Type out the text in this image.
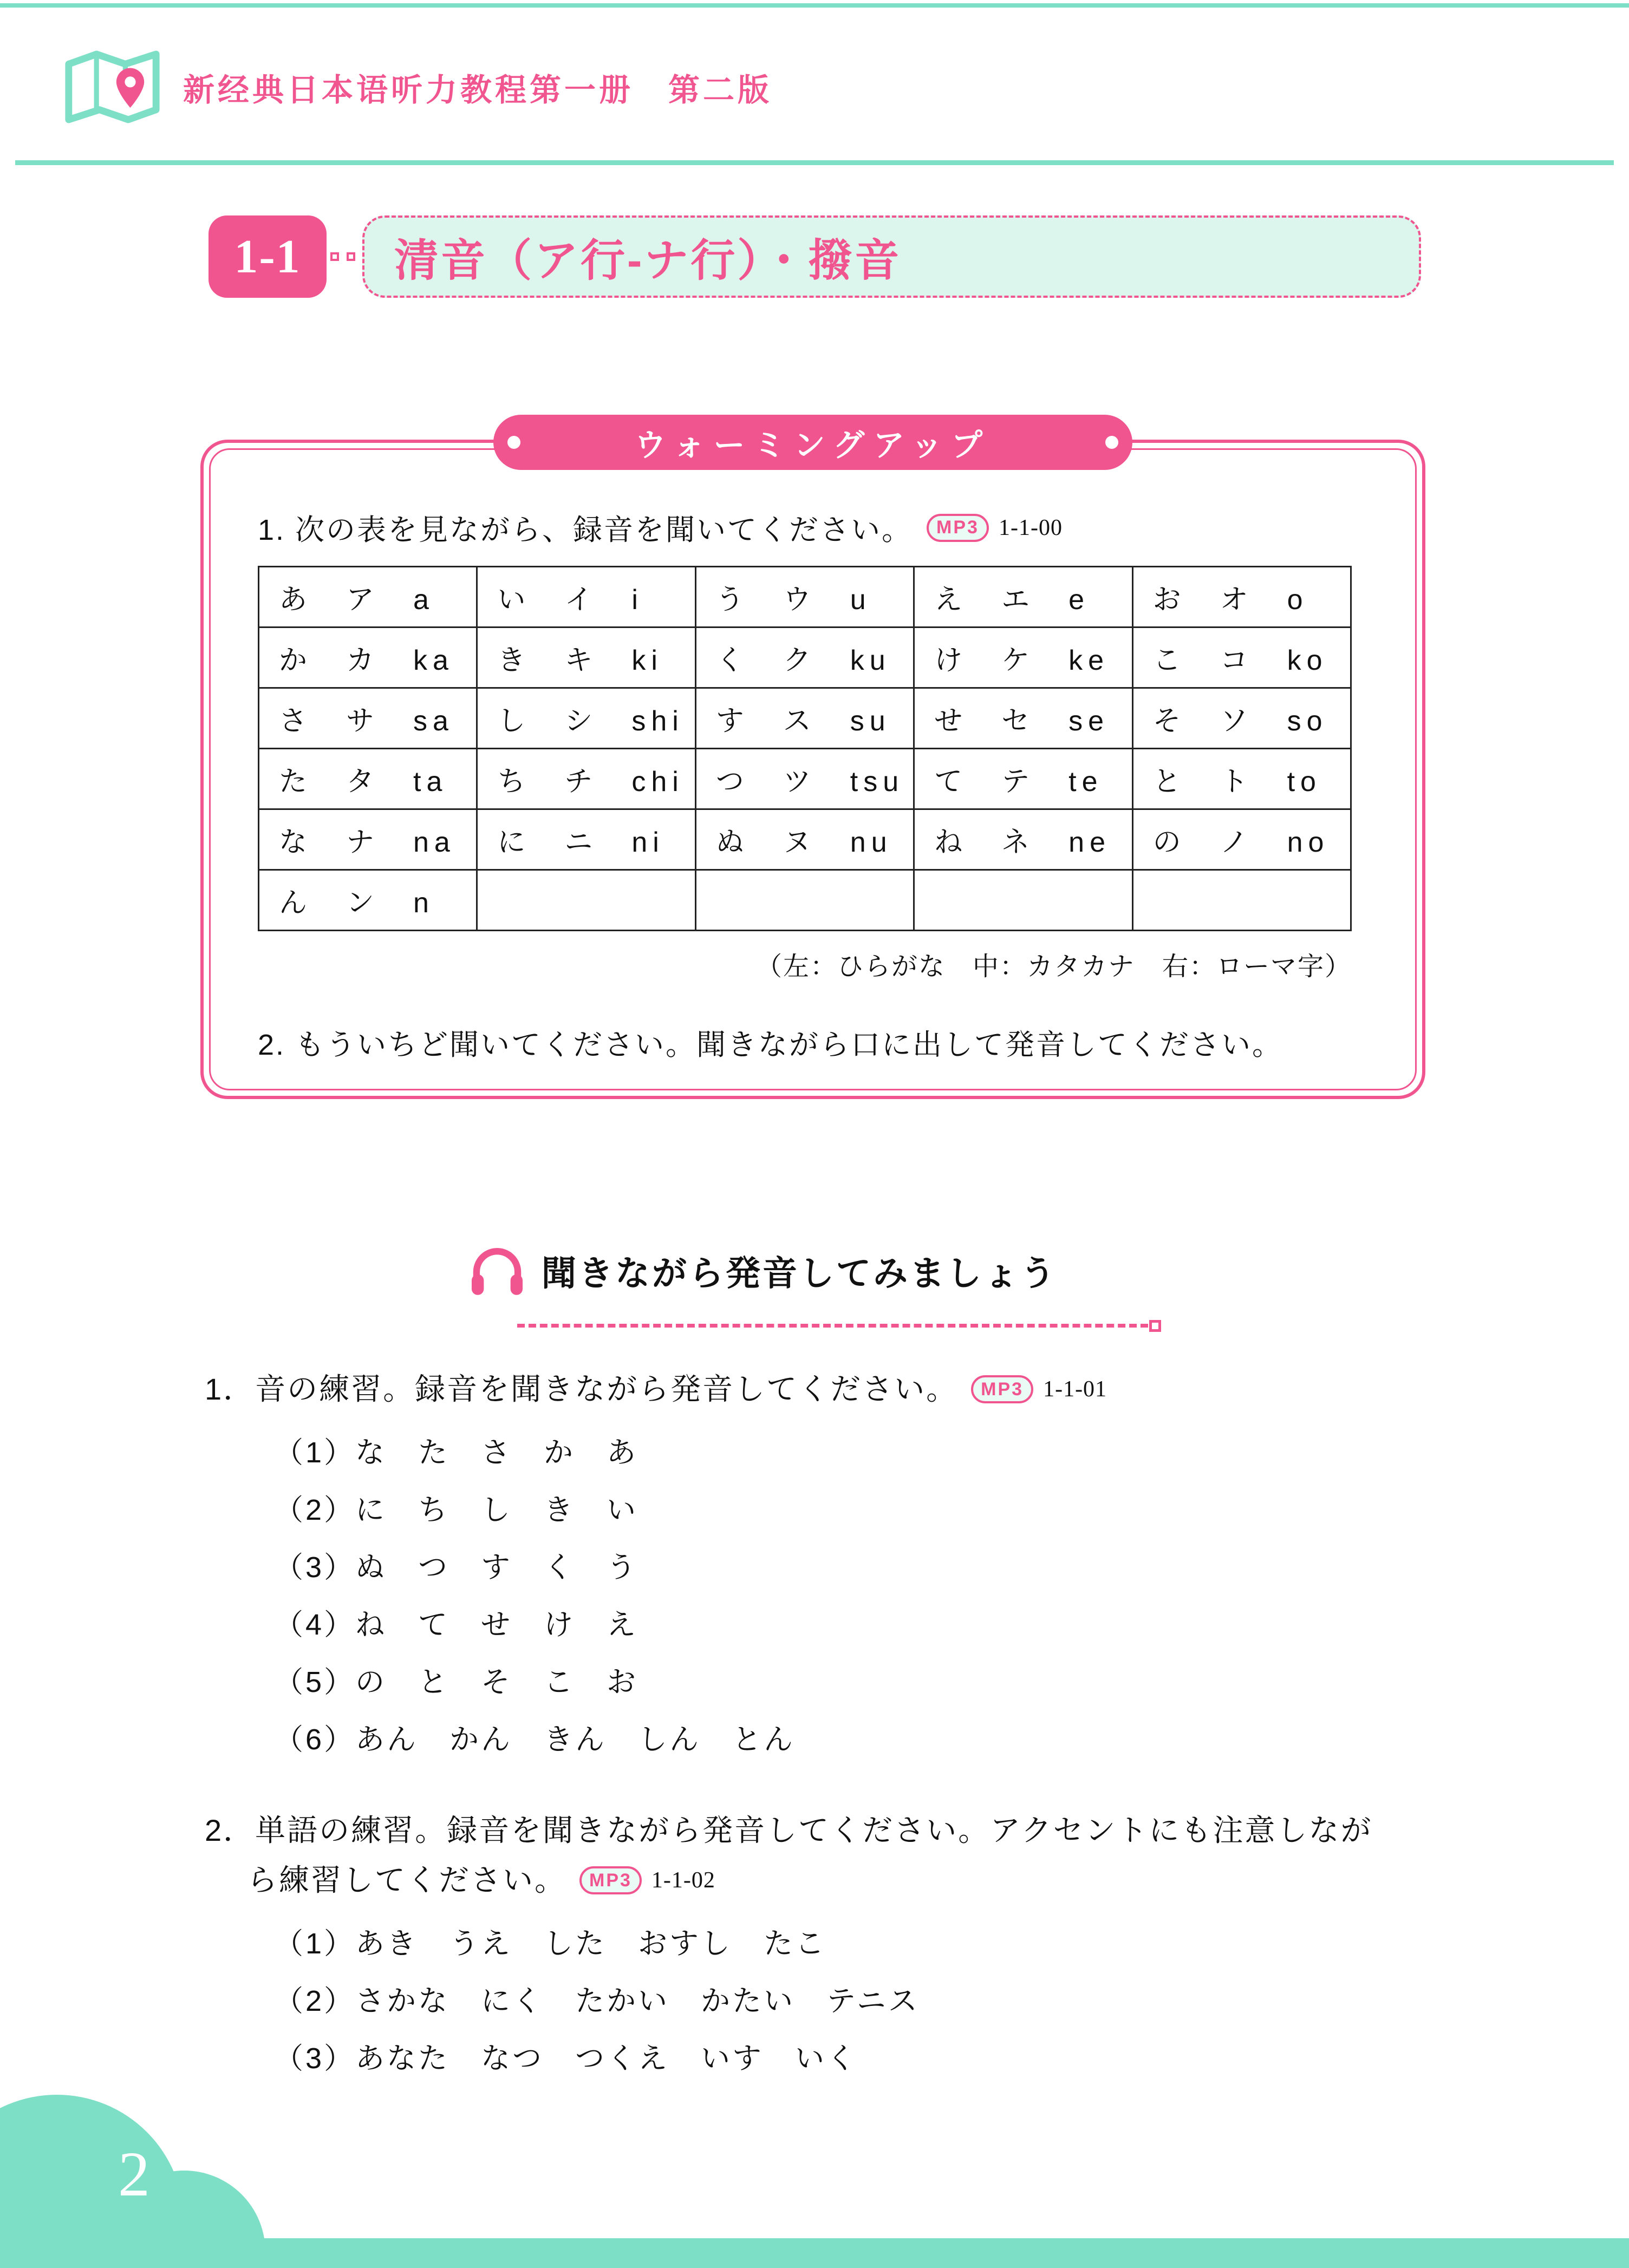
新经典日本语听力教程第一册　第二版
1-1 清音（ア行-ナ行）・撥音
ウォーミングアップ
1. 次の表を見ながら、録音を聞いてください。 MP3 1-1-00
あ　ア　a	い　イ　i	う　ウ　u	え　エ　e	お　オ　o
か　カ　ka	き　キ　ki	く　ク　ku	け　ケ　ke	こ　コ　ko
さ　サ　sa	し　シ　shi	す　ス　su	せ　セ　se	そ　ソ　so
た　タ　ta	ち　チ　chi	つ　ツ　tsu	て　テ　te	と　ト　to
な　ナ　na	に　ニ　ni	ぬ　ヌ　nu	ね　ネ　ne	の　ノ　no
ん　ン　n				
（左：ひらがな　中：カタカナ　右：ローマ字）
2. もういちど聞いてください。聞きながら口に出して発音してください。
聞きながら発音してみましょう
1．音の練習。録音を聞きながら発音してください。 MP3 1-1-01
（1）な　た　さ　か　あ
（2）に　ち　し　き　い
（3）ぬ　つ　す　く　う
（4）ね　て　せ　け　え
（5）の　と　そ　こ　お
（6）あん　かん　きん　しん　とん
2．単語の練習。録音を聞きながら発音してください。アクセントにも注意しなが
ら練習してください。 MP3 1-1-02
（1）あき　うえ　した　おすし　たこ
（2）さかな　にく　たかい　かたい　テニス
（3）あなた　なつ　つくえ　いす　いく
2
